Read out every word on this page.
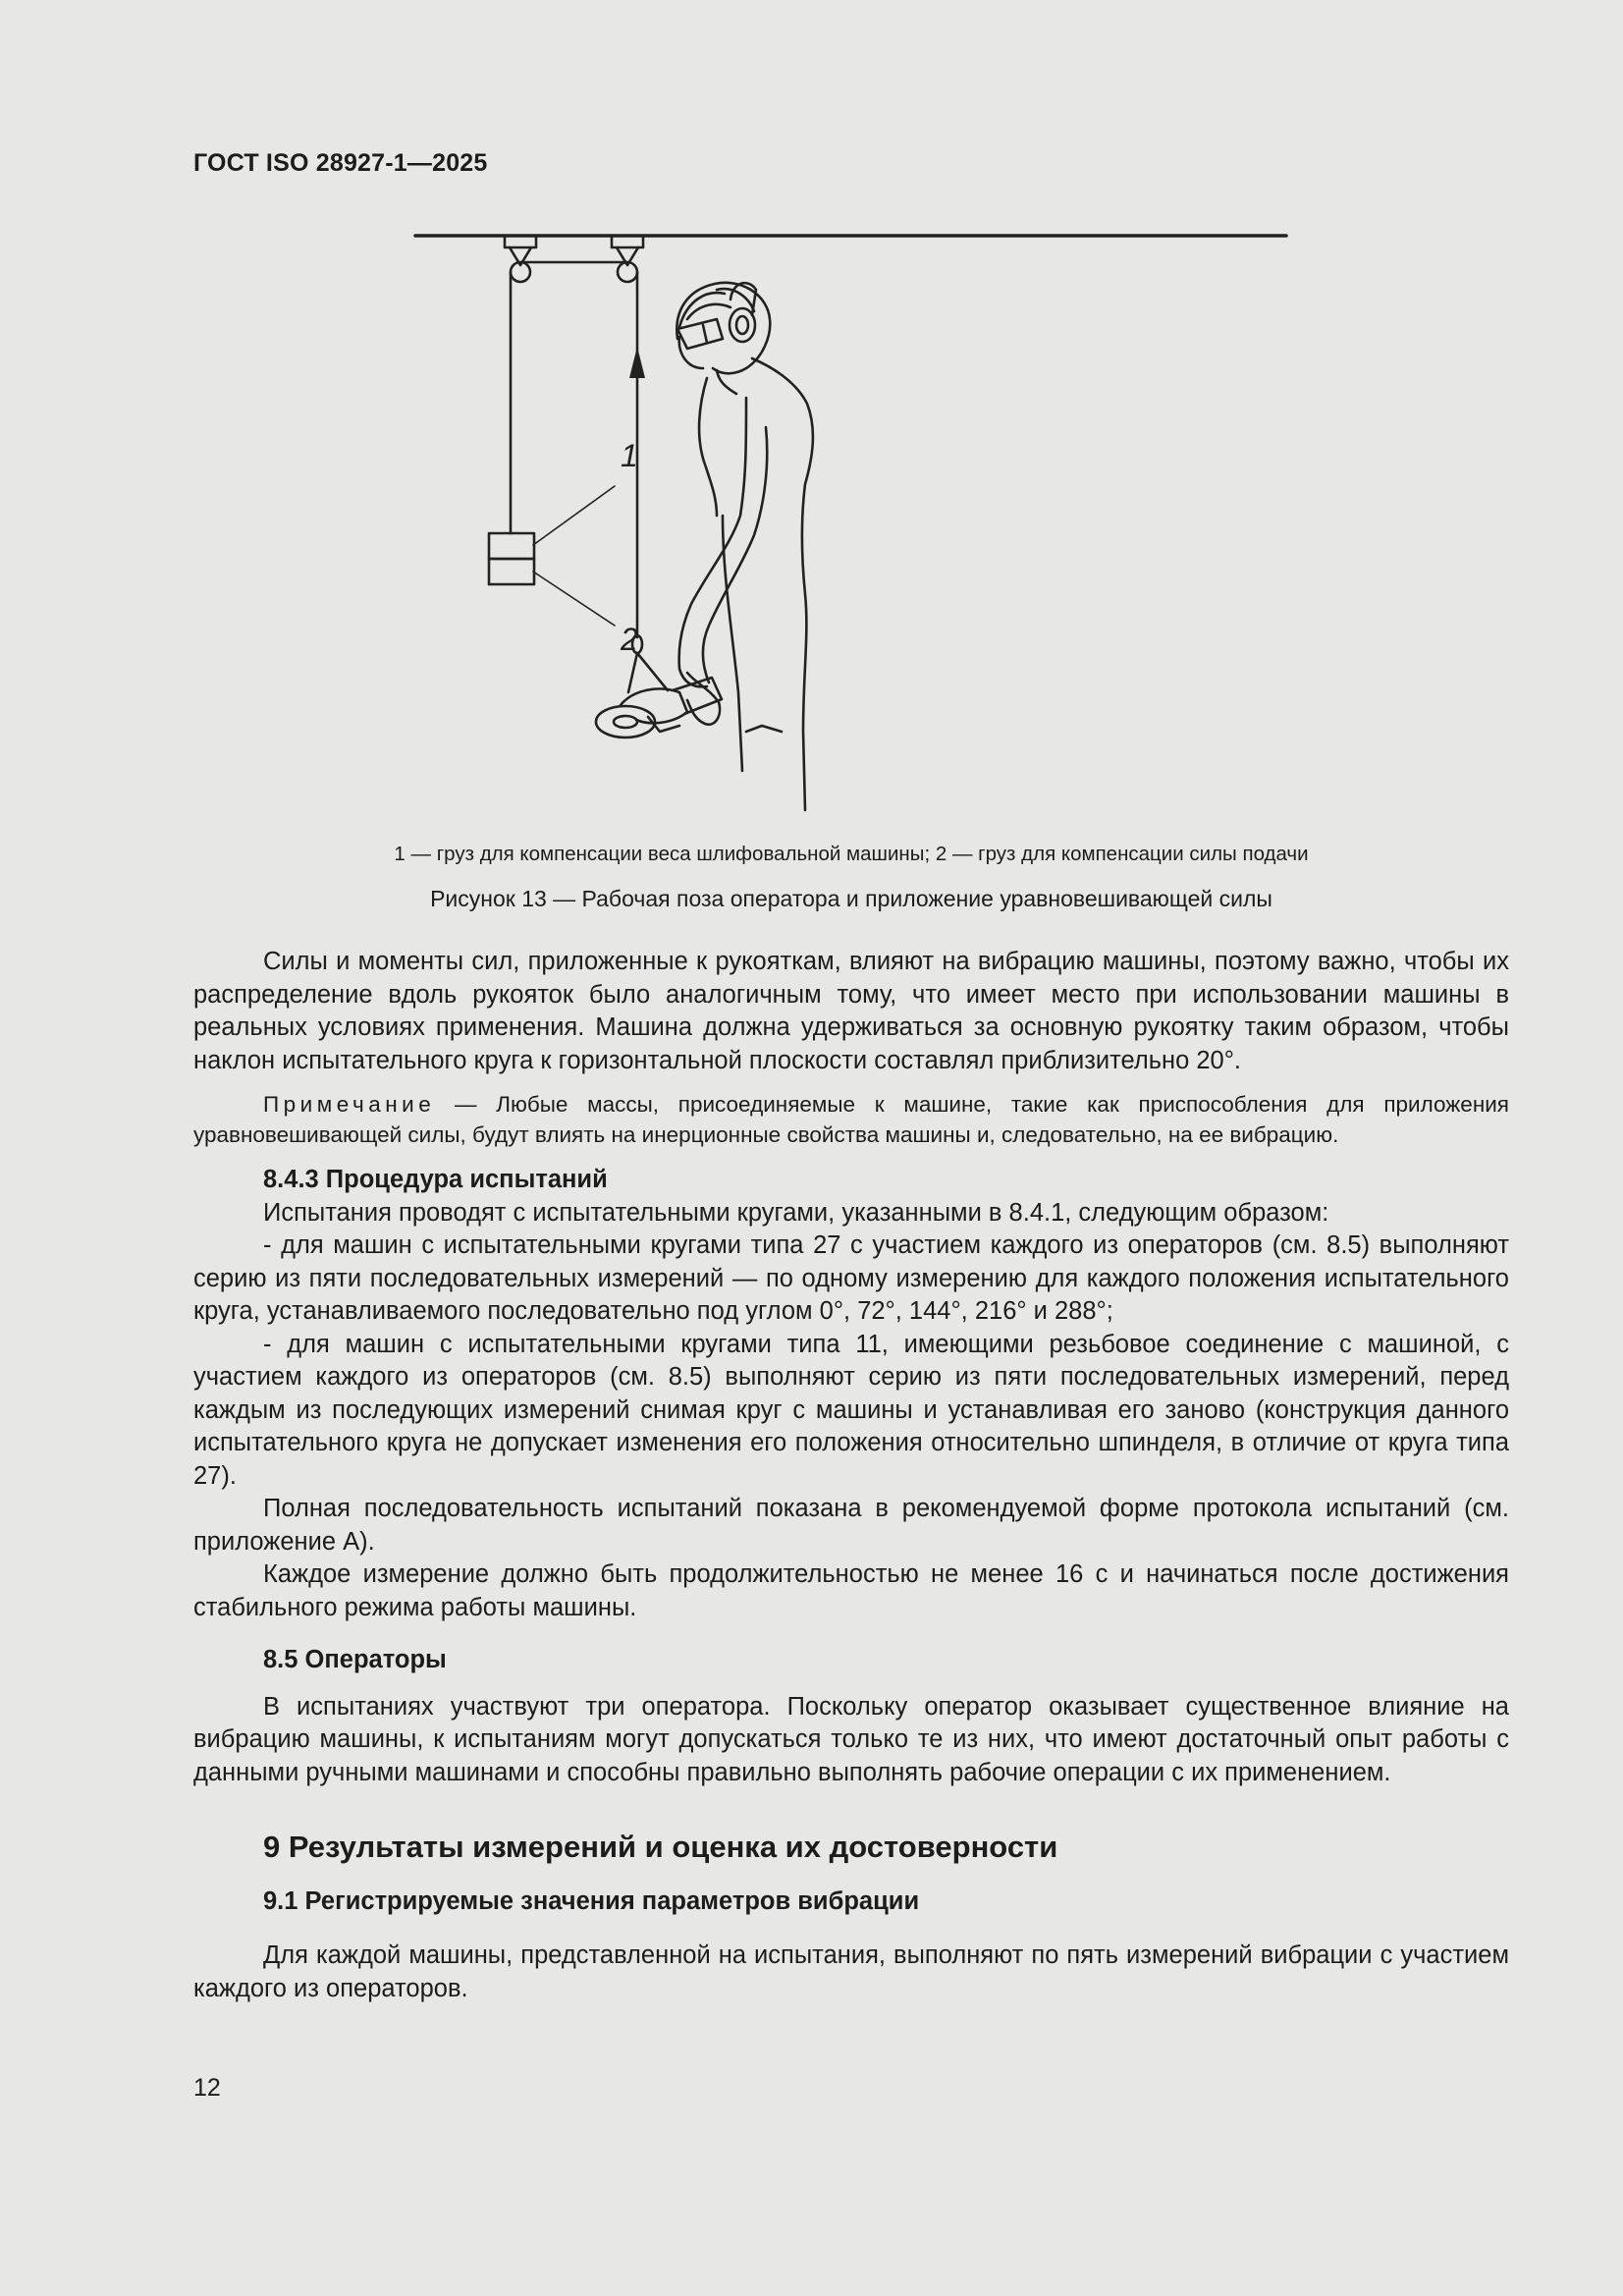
ГОСТ ISO 28927-1—2025
1
2
1 — груз для компенсации веса шлифовальной машины; 2 — груз для компенсации силы подачи
Рисунок 13 — Рабочая поза оператора и приложение уравновешивающей силы

Силы и моменты сил, приложенные к рукояткам, влияют на вибрацию машины, поэтому важно, чтобы их распределение вдоль рукояток было аналогичным тому, что имеет место при использовании машины в реальных условиях применения. Машина должна удерживаться за основную рукоятку таким образом, чтобы наклон испытательного круга к горизонтальной плоскости составлял приблизительно 20°.

Примечание — Любые массы, присоединяемые к машине, такие как приспособления для приложения уравновешивающей силы, будут влиять на инерционные свойства машины и, следовательно, на ее вибрацию.

8.4.3 Процедура испытаний

Испытания проводят с испытательными кругами, указанными в 8.4.1, следующим образом:

- для машин с испытательными кругами типа 27 с участием каждого из операторов (см. 8.5) выполняют серию из пяти последовательных измерений — по одному измерению для каждого положения испытательного круга, устанавливаемого последовательно под углом 0°, 72°, 144°, 216° и 288°;

- для машин с испытательными кругами типа 11, имеющими резьбовое соединение с машиной, с участием каждого из операторов (см. 8.5) выполняют серию из пяти последовательных измерений, перед каждым из последующих измерений снимая круг с машины и устанавливая его заново (конструкция данного испытательного круга не допускает изменения его положения относительно шпинделя, в отличие от круга типа 27).

Полная последовательность испытаний показана в рекомендуемой форме протокола испытаний (см. приложение А).

Каждое измерение должно быть продолжительностью не менее 16 с и начинаться после достижения стабильного режима работы машины.

8.5 Операторы

В испытаниях участвуют три оператора. Поскольку оператор оказывает существенное влияние на вибрацию машины, к испытаниям могут допускаться только те из них, что имеют достаточный опыт работы с данными ручными машинами и способны правильно выполнять рабочие операции с их применением.

9 Результаты измерений и оценка их достоверности
9.1 Регистрируемые значения параметров вибрации

Для каждой машины, представленной на испытания, выполняют по пять измерений вибрации с участием каждого из операторов.

12
